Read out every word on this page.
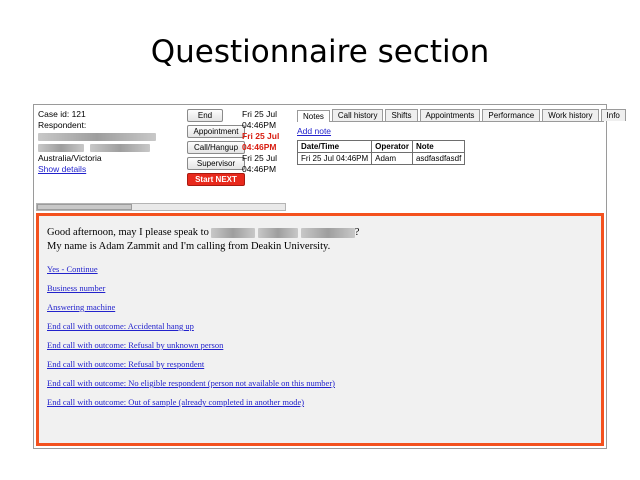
Questionnaire section
Case id: 121
Respondent:

Australia/Victoria
Show details
End
Appointment
Call/Hangup
Supervisor
Start NEXT
Fri 25 Jul
04:46PM
Fri 25 Jul
04:46PM
Fri 25 Jul
04:46PM
Notes	Call history	Shifts	Appointments	Performance	Work history	Info
Add note
Date/Time	Operator	Note
Fri 25 Jul 04:46PM	Adam	asdfasdfasdf
Good afternoon, may I please speak to	?
My name is Adam Zammit and I'm calling from Deakin University.
Yes - Continue
Business number
Answering machine
End call with outcome: Accidental hang up
End call with outcome: Refusal by unknown person
End call with outcome: Refusal by respondent
End call with outcome: No eligible respondent (person not available on this number)
End call with outcome: Out of sample (already completed in another mode)
